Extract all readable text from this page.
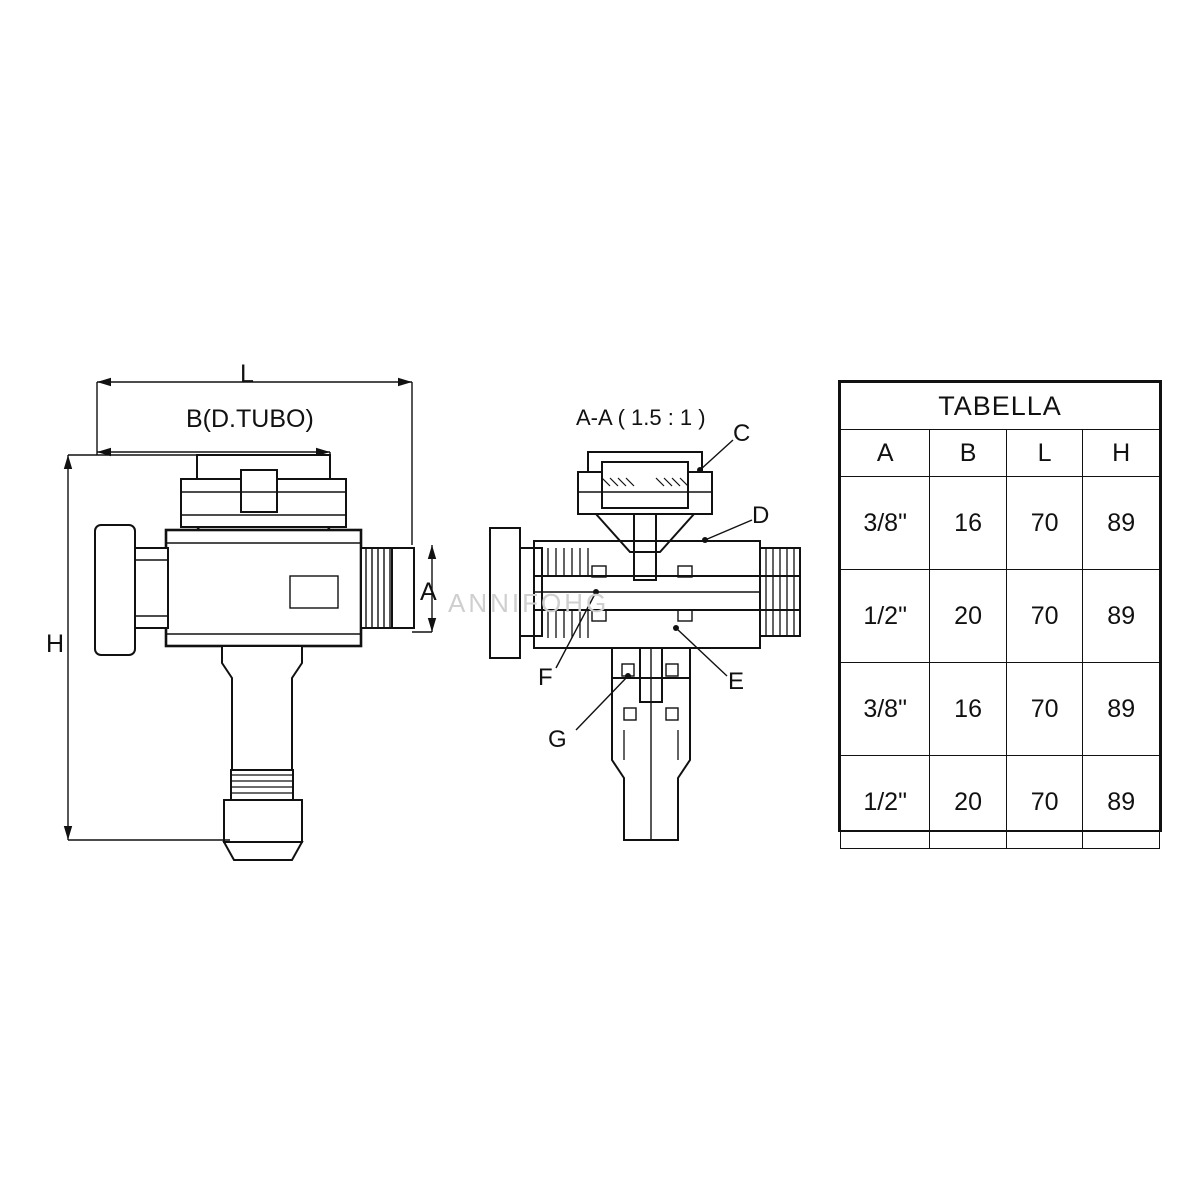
ANNIFOHG
L
B(D.TUBO)
A
H
A-A ( 1.5 : 1 )
C
D
E
F
G
TABELLA			
A	B	L	H
3/8"	16	70	89
1/2"	20	70	89
3/8"	16	70	89
1/2"	20	70	89
